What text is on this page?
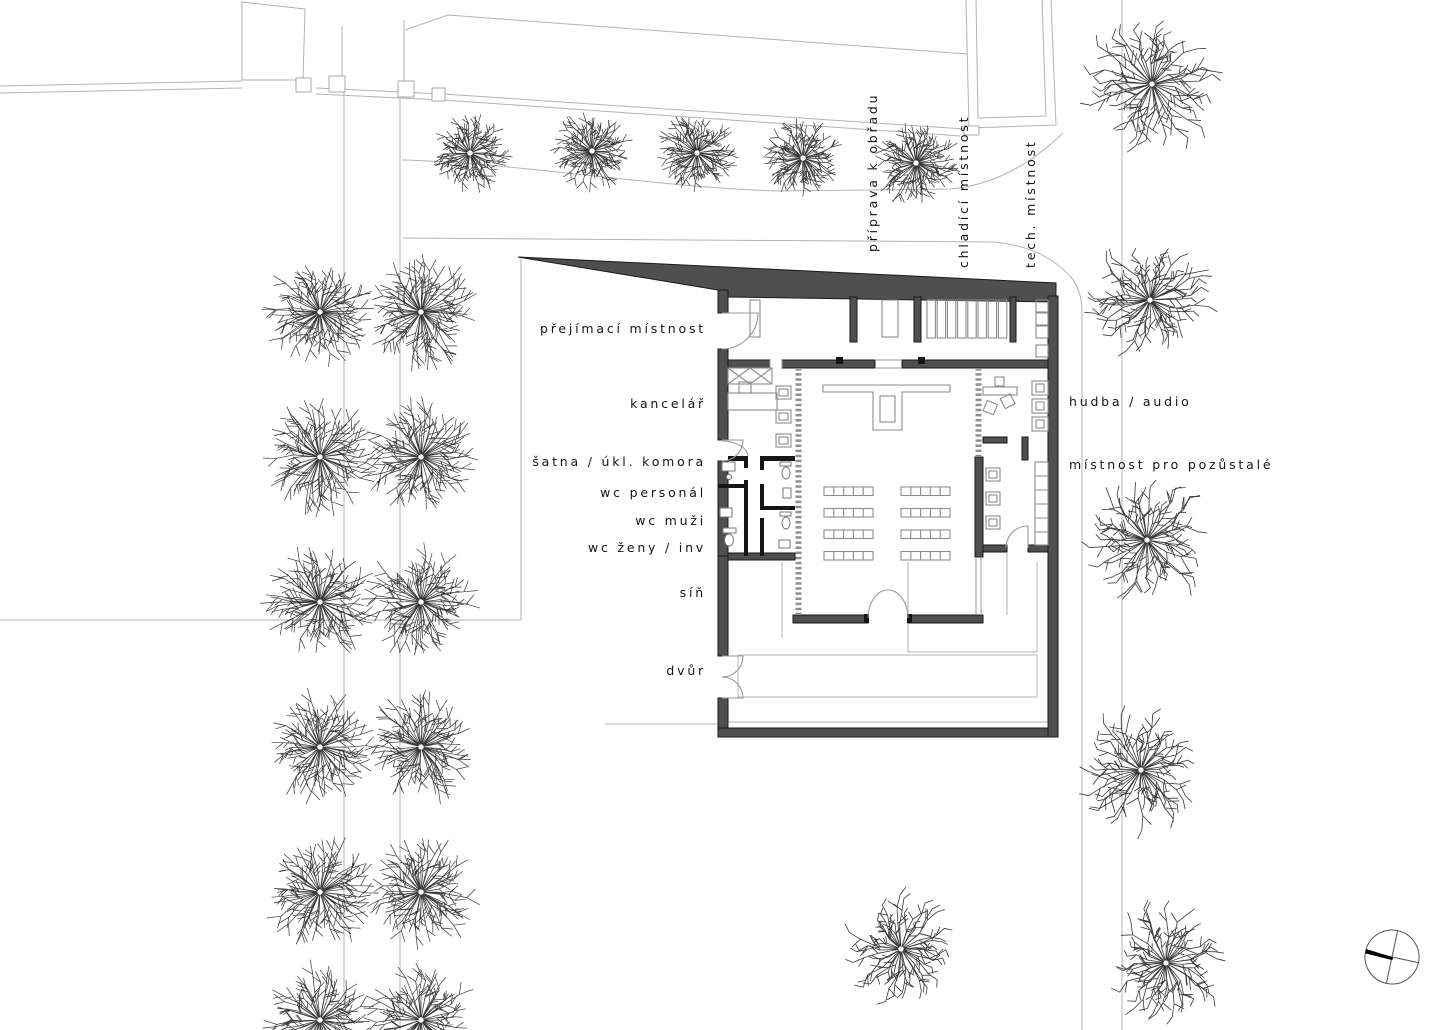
přejímací místnost
kancelář
šatna / úkl. komora
wc personál
wc muži
wc ženy / inv
síň
dvůr
hudba / audio
místnost pro pozůstalé
příprava k obřadu	chladící místnost	tech. místnost
